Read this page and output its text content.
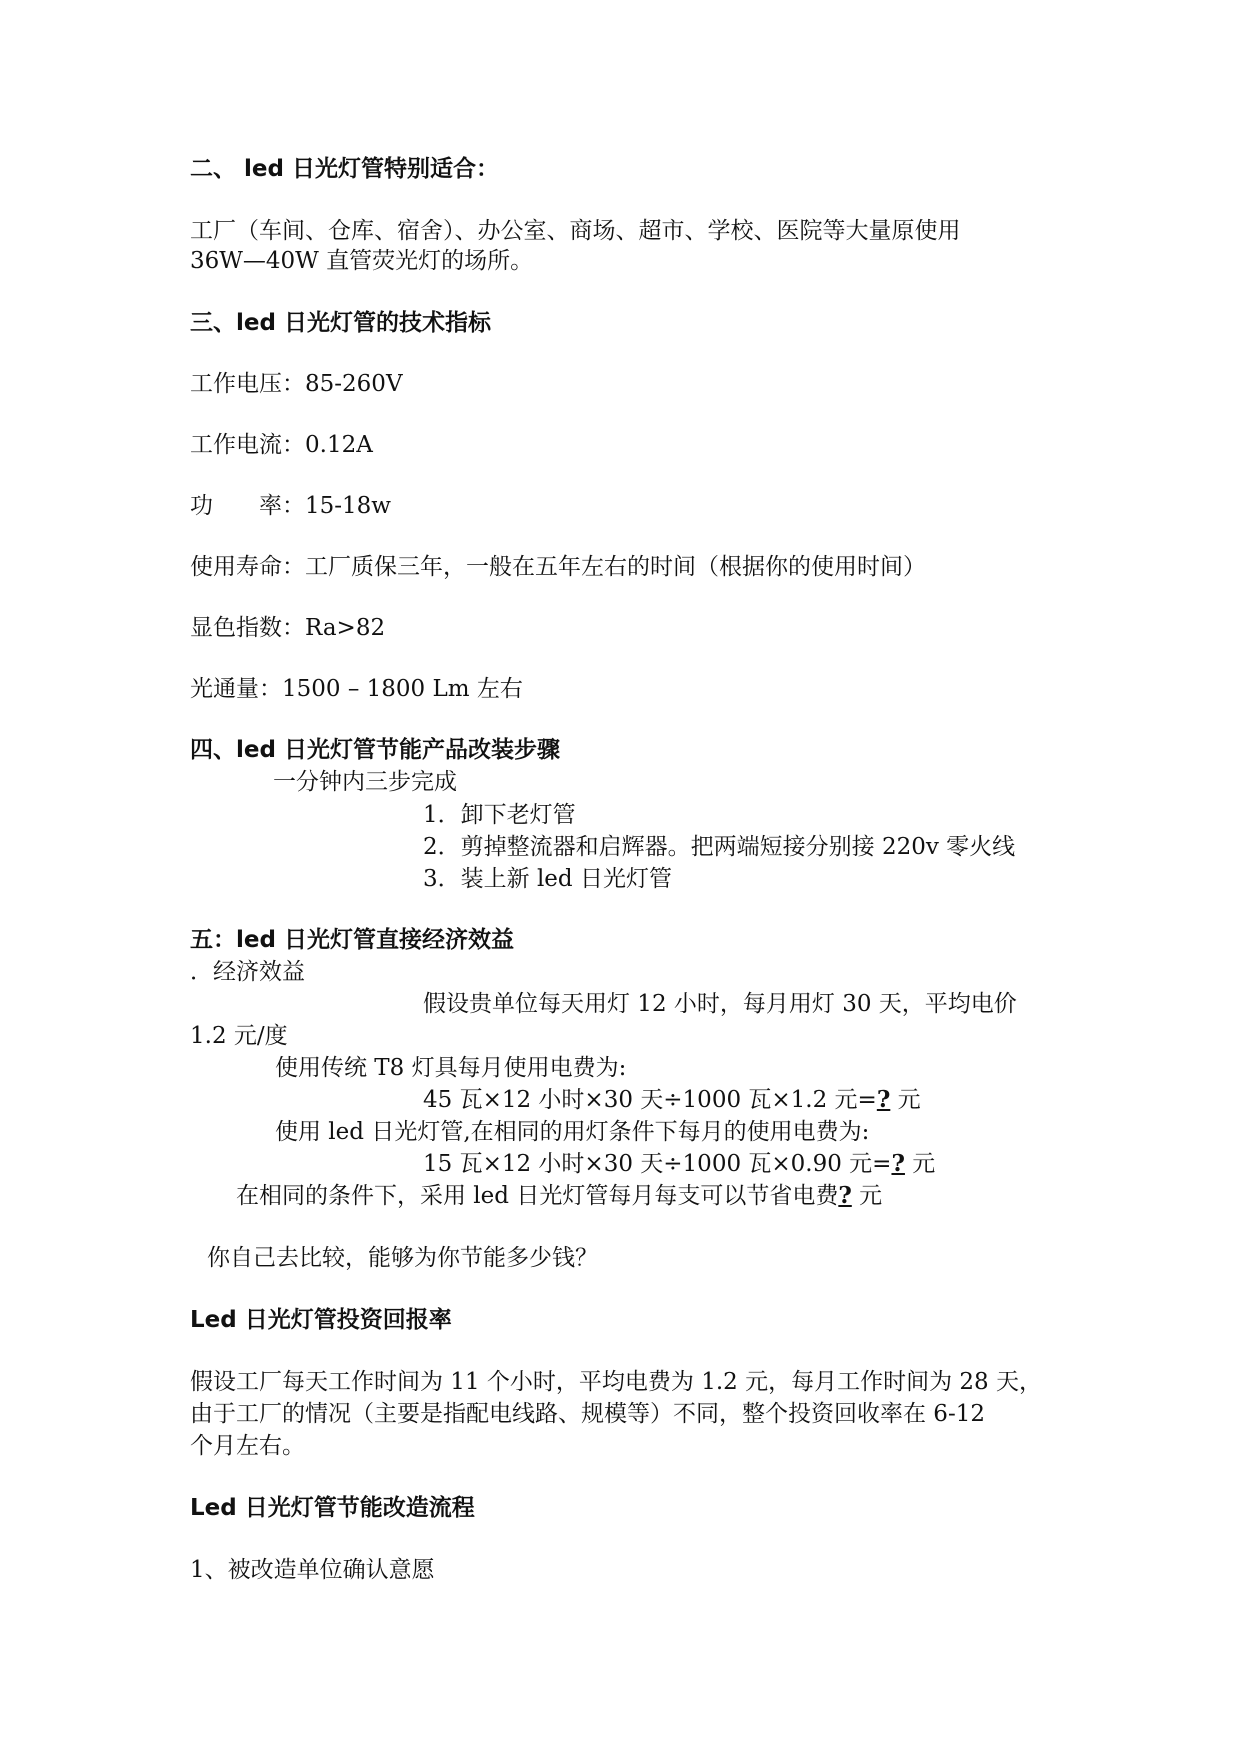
二、 led 日光灯管特别适合：
工厂（车间、仓库、宿舍）、办公室、商场、超市、学校、医院等大量原使用
36W—40W 直管荧光灯的场所。
三、led 日光灯管的技术指标
工作电压：85-260V
工作电流：0.12A
功　　率：15-18w
使用寿命：工厂质保三年，一般在五年左右的时间（根据你的使用时间）
显色指数：Ra>82
光通量：1500 – 1800 Lm 左右
四、led 日光灯管节能产品改装步骤
一分钟内三步完成
1．卸下老灯管
2．剪掉整流器和启辉器。把两端短接分别接 220v 零火线
3．装上新 led 日光灯管
五：led 日光灯管直接经济效益
．经济效益
假设贵单位每天用灯 12 小时，每月用灯 30 天，平均电价
1.2 元/度
使用传统 T8 灯具每月使用电费为:
45 瓦×12 小时×30 天÷1000 瓦×1.2 元=? 元
使用 led 日光灯管,在相同的用灯条件下每月的使用电费为:
15 瓦×12 小时×30 天÷1000 瓦×0.90 元=? 元
在相同的条件下，采用 led 日光灯管每月每支可以节省电费? 元
你自己去比较，能够为你节能多少钱？
Led 日光灯管投资回报率
假设工厂每天工作时间为 11 个小时，平均电费为 1.2 元，每月工作时间为 28 天，
由于工厂的情况（主要是指配电线路、规模等）不同，整个投资回收率在 6-12
个月左右。
Led 日光灯管节能改造流程
1、被改造单位确认意愿
